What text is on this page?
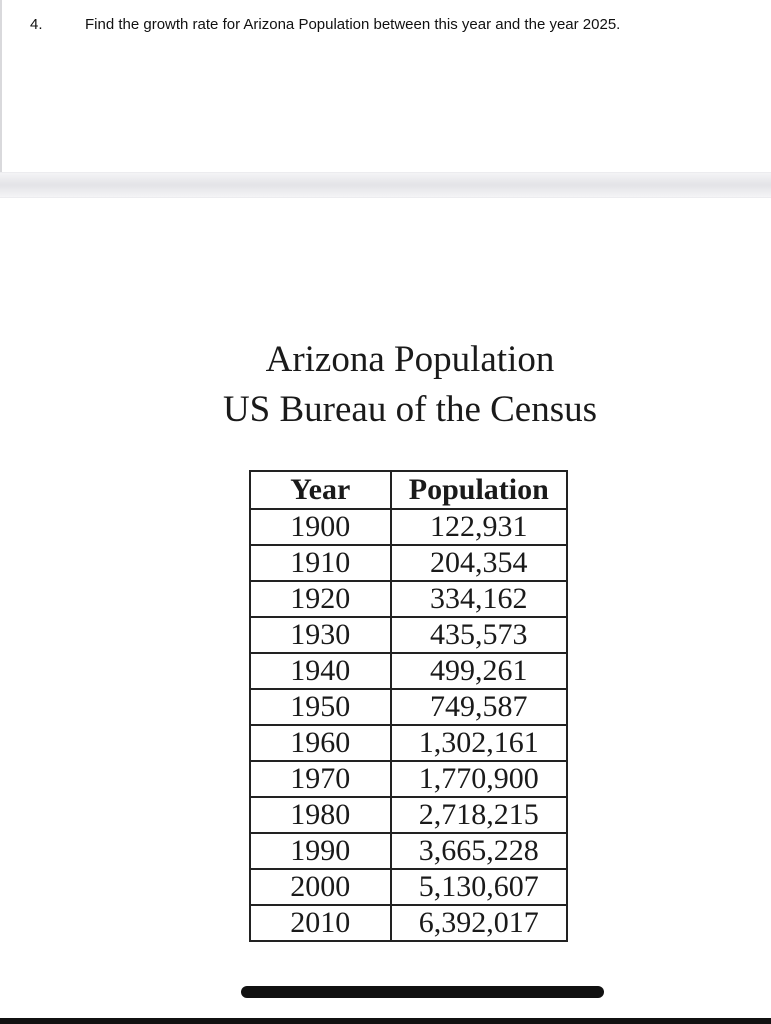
4.	Find the growth rate for Arizona Population between this year and the year 2025.
Arizona Population
US Bureau of the Census
Year	Population
1900	122,931
1910	204,354
1920	334,162
1930	435,573
1940	499,261
1950	749,587
1960	1,302,161
1970	1,770,900
1980	2,718,215
1990	3,665,228
2000	5,130,607
2010	6,392,017
